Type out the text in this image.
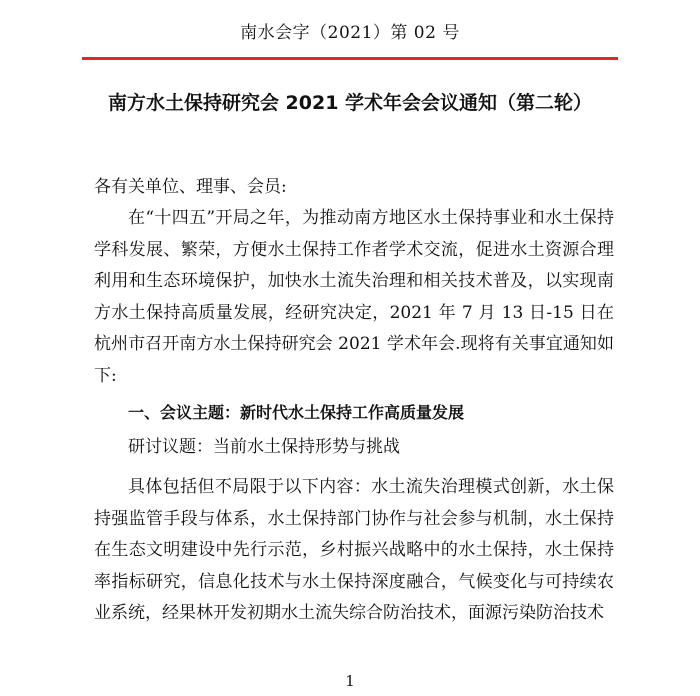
南水会字（2021）第 02 号
南方水土保持研究会 2021 学术年会会议通知（第二轮）
各有关单位、理事、会员:
在“十四五”开局之年，为推动南方地区水土保持事业和水土保持学科发展、繁荣，方便水土保持工作者学术交流，促进水土资源合理利用和生态环境保护，加快水土流失治理和相关技术普及，以实现南方水土保持高质量发展，经研究决定，2021 年 7 月 13 日-15 日在杭州市召开南方水土保持研究会 2021 学术年会.现将有关事宜通知如下:
一、会议主题：新时代水土保持工作高质量发展
研讨议题：当前水土保持形势与挑战
具体包括但不局限于以下内容：水土流失治理模式创新，水土保持强监管手段与体系，水土保持部门协作与社会参与机制，水土保持在生态文明建设中先行示范，乡村振兴战略中的水土保持，水土保持率指标研究，信息化技术与水土保持深度融合，气候变化与可持续农业系统，经果林开发初期水土流失综合防治技术，面源污染防治技术
1
